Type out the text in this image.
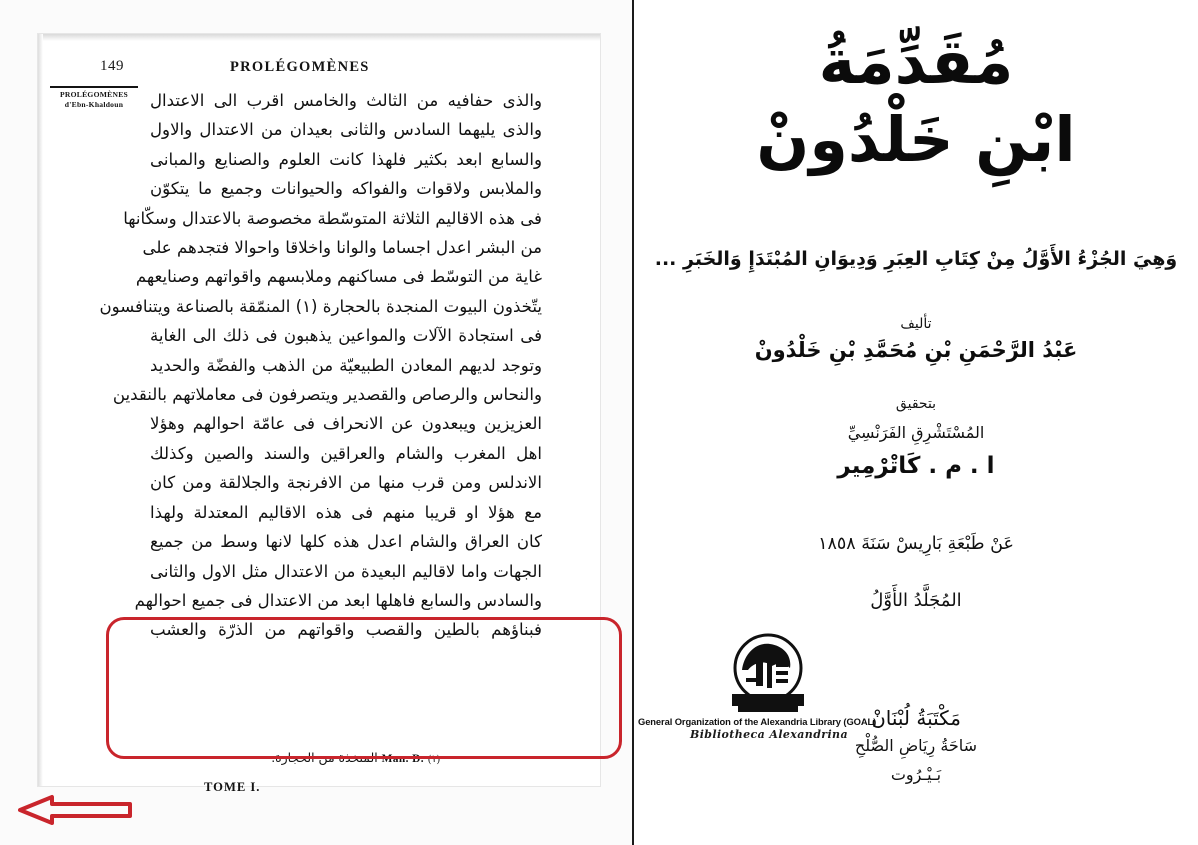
149	PROLÉGOMÈNES
PROLÉGOMÈNES
d'Ebn-Khaldoun	والذى حفافيه من الثالث والخامس اقرب الى الاعتدال
والذى يليهما السادس والثانى بعيدان من الاعتدال والاول
والسابع ابعد بكثير فلهذا كانت العلوم والصنايع والمبانى
والملابس ولاقوات والفواكه والحيوانات وجميع ما يتكوّن
فى هذه الاقاليم الثلاثة المتوسّطة مخصوصة بالاعتدال وسكّانها
من البشر اعدل اجساما والوانا واخلاقا واحوالا فتجدهم على
غاية من التوسّط فى مساكنهم وملابسهم واقواتهم وصنايعهم
يتّخذون البيوت المنجدة بالحجارة (١) المنمّقة بالصناعة ويتنافسون
فى استجادة الآلات والمواعين يذهبون فى ذلك الى الغاية
وتوجد لديهم المعادن الطبيعيّة من الذهب والفضّة والحديد
والنحاس والرصاص والقصدير ويتصرفون فى معاملاتهم بالنقدين
العزيزين ويبعدون عن الانحراف فى عامّة احوالهم وهؤلا
اهل المغرب والشام والعراقين والسند والصين وكذلك
الاندلس ومن قرب منها من الافرنجة والجلالقة ومن كان
مع هؤلا او قريبا منهم فى هذه الاقاليم المعتدلة ولهذا
كان العراق والشام اعدل هذه كلها لانها وسط من جميع
الجهات واما لاقاليم البعيدة من الاعتدال مثل الاول والثانى
والسادس والسابع فاهلها ابعد من الاعتدال فى جميع احوالهم
فبناؤهم بالطين والقصب واقواتهم من الذرّة والعشب
(١) Man. D. المتخذة من الحجارة.
TOME I.
مُقَدِّمَةُ
ابْنِ خَلْدُونْ
وَهِيَ الجُزْءُ الأَوَّلُ مِنْ كِتَابِ العِبَرِ وَدِيوَانِ المُبْتَدَإِ وَالخَبَرِ ...
تأليف
عَبْدُ الرَّحْمَنِ بْنِ مُحَمَّدِ بْنِ خَلْدُونْ
بتحقيق
المُسْتَشْرِقِ الفَرَنْسِيِّ
ا . م . كَاتْرْمِير
عَنْ طَبْعَةِ بَارِيسْ سَنَةَ ١٨٥٨
المُجَلَّدُ الأَوَّلُ
مَكْتَبَةُ لُبْنَانْ
سَاحَةُ رِيَاضِ الصُّلْحِ
بَـيْـرُوت
General Organization of the Alexandria Library (GOAL)
Bibliotheca Alexandrina
